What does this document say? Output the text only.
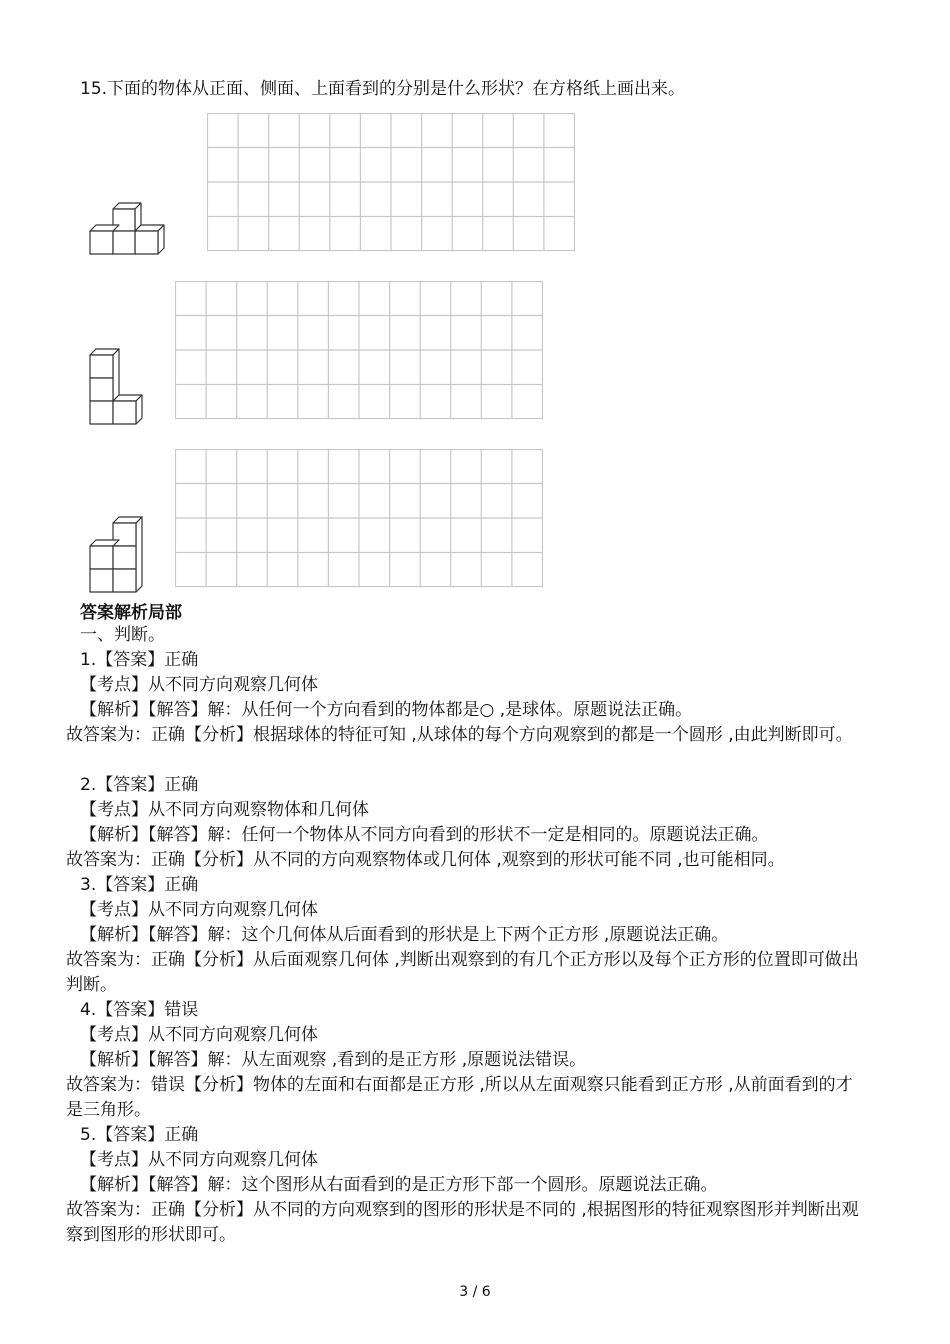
15.下面的物体从正面、侧面、上面看到的分别是什么形状？在方格纸上画出来。
答案解析局部
一、判断。
1.【答案】正确
【考点】从不同方向观察几何体
【解析】【解答】解：从任何一个方向看到的物体都是○ ,是球体。原题说法正确。
故答案为：正确【分析】根据球体的特征可知 ,从球体的每个方向观察到的都是一个圆形 ,由此判断即可。
2.【答案】正确
【考点】从不同方向观察物体和几何体
【解析】【解答】解：任何一个物体从不同方向看到的形状不一定是相同的。原题说法正确。
故答案为：正确【分析】从不同的方向观察物体或几何体 ,观察到的形状可能不同 ,也可能相同。
3.【答案】正确
【考点】从不同方向观察几何体
【解析】【解答】解：这个几何体从后面看到的形状是上下两个正方形 ,原题说法正确。
故答案为：正确【分析】从后面观察几何体 ,判断出观察到的有几个正方形以及每个正方形的位置即可做出判断。
4.【答案】错误
【考点】从不同方向观察几何体
【解析】【解答】解：从左面观察 ,看到的是正方形 ,原题说法错误。
故答案为：错误【分析】物体的左面和右面都是正方形 ,所以从左面观察只能看到正方形 ,从前面看到的才是三角形。
5.【答案】正确
【考点】从不同方向观察几何体
【解析】【解答】解：这个图形从右面看到的是正方形下部一个圆形。原题说法正确。
故答案为：正确【分析】从不同的方向观察到的图形的形状是不同的 ,根据图形的特征观察图形并判断出观察到图形的形状即可。
3 / 6
